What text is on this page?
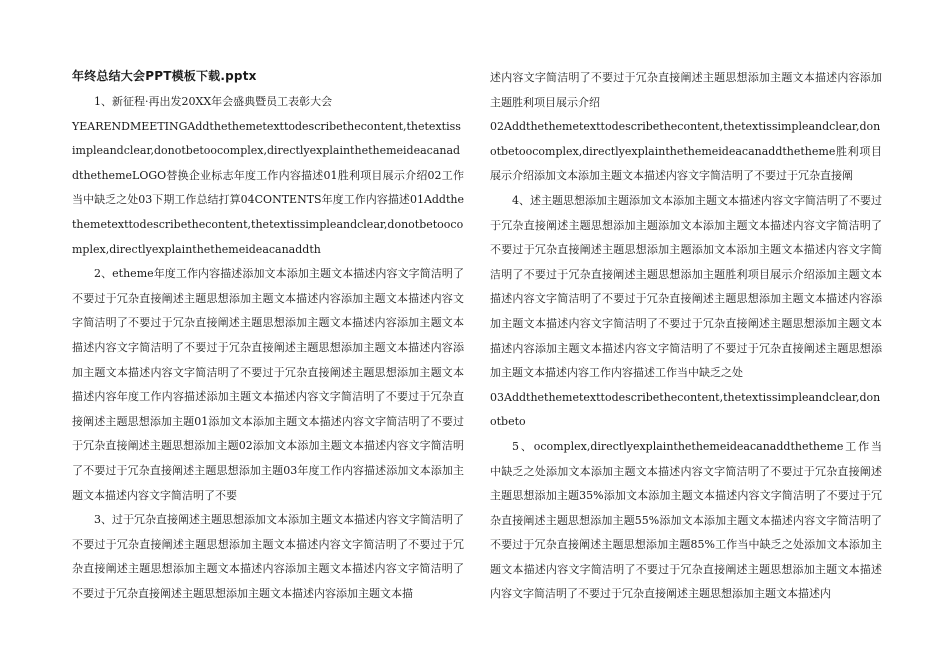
年终总结大会PPT模板下载.pptx

1、新征程·再出发20XX年会盛典暨员工表彰大会

YEARENDMEETINGAddthethemetexttodescribethecontent,thetextissimpleandclear,donotbetoocomplex,directlyexplainthethemeideacanaddthethemeLOGO替换企业标志年度工作内容描述01胜利项目展示介绍02工作当中缺乏之处03下期工作总结打算04CONTENTS年度工作内容描述01Addthethemetexttodescribethecontent,thetextissimpleandclear,donotbetoocomplex,directlyexplainthethemeideacanaddth

2、etheme年度工作内容描述添加文本添加主题文本描述内容文字简洁明了不要过于冗杂直接阐述主题思想添加主题文本描述内容添加主题文本描述内容文字简洁明了不要过于冗杂直接阐述主题思想添加主题文本描述内容添加主题文本描述内容文字简洁明了不要过于冗杂直接阐述主题思想添加主题文本描述内容添加主题文本描述内容文字简洁明了不要过于冗杂直接阐述主题思想添加主题文本描述内容年度工作内容描述添加主题文本描述内容文字简洁明了不要过于冗杂直接阐述主题思想添加主题01添加文本添加主题文本描述内容文字简洁明了不要过于冗杂直接阐述主题思想添加主题02添加文本添加主题文本描述内容文字简洁明了不要过于冗杂直接阐述主题思想添加主题03年度工作内容描述添加文本添加主题文本描述内容文字简洁明了不要

3、过于冗杂直接阐述主题思想添加文本添加主题文本描述内容文字简洁明了不要过于冗杂直接阐述主题思想添加主题文本描述内容文字简洁明了不要过于冗杂直接阐述主题思想添加主题文本描述内容添加主题文本描述内容文字简洁明了不要过于冗杂直接阐述主题思想添加主题文本描述内容添加主题文本描

述内容文字简洁明了不要过于冗杂直接阐述主题思想添加主题文本描述内容添加主题胜利项目展示介绍

02Addthethemetexttodescribethecontent,thetextissimpleandclear,donotbetoocomplex,directlyexplainthethemeideacanaddthetheme胜利项目展示介绍添加文本添加主题文本描述内容文字简洁明了不要过于冗杂直接阐

4、述主题思想添加主题添加文本添加主题文本描述内容文字简洁明了不要过于冗杂直接阐述主题思想添加主题添加文本添加主题文本描述内容文字简洁明了不要过于冗杂直接阐述主题思想添加主题添加文本添加主题文本描述内容文字简洁明了不要过于冗杂直接阐述主题思想添加主题胜利项目展示介绍添加主题文本描述内容文字简洁明了不要过于冗杂直接阐述主题思想添加主题文本描述内容添加主题文本描述内容文字简洁明了不要过于冗杂直接阐述主题思想添加主题文本描述内容添加主题文本描述内容文字简洁明了不要过于冗杂直接阐述主题思想添加主题文本描述内容工作内容描述工作当中缺乏之处

03Addthethemetexttodescribethecontent,thetextissimpleandclear,donotbeto

5、ocomplex,directlyexplainthethemeideacanaddthetheme工作当中缺乏之处添加文本添加主题文本描述内容文字简洁明了不要过于冗杂直接阐述主题思想添加主题35%添加文本添加主题文本描述内容文字简洁明了不要过于冗杂直接阐述主题思想添加主题55%添加文本添加主题文本描述内容文字简洁明了不要过于冗杂直接阐述主题思想添加主题85%工作当中缺乏之处添加文本添加主题文本描述内容文字简洁明了不要过于冗杂直接阐述主题思想添加主题文本描述内容文字简洁明了不要过于冗杂直接阐述主题思想添加主题文本描述内
